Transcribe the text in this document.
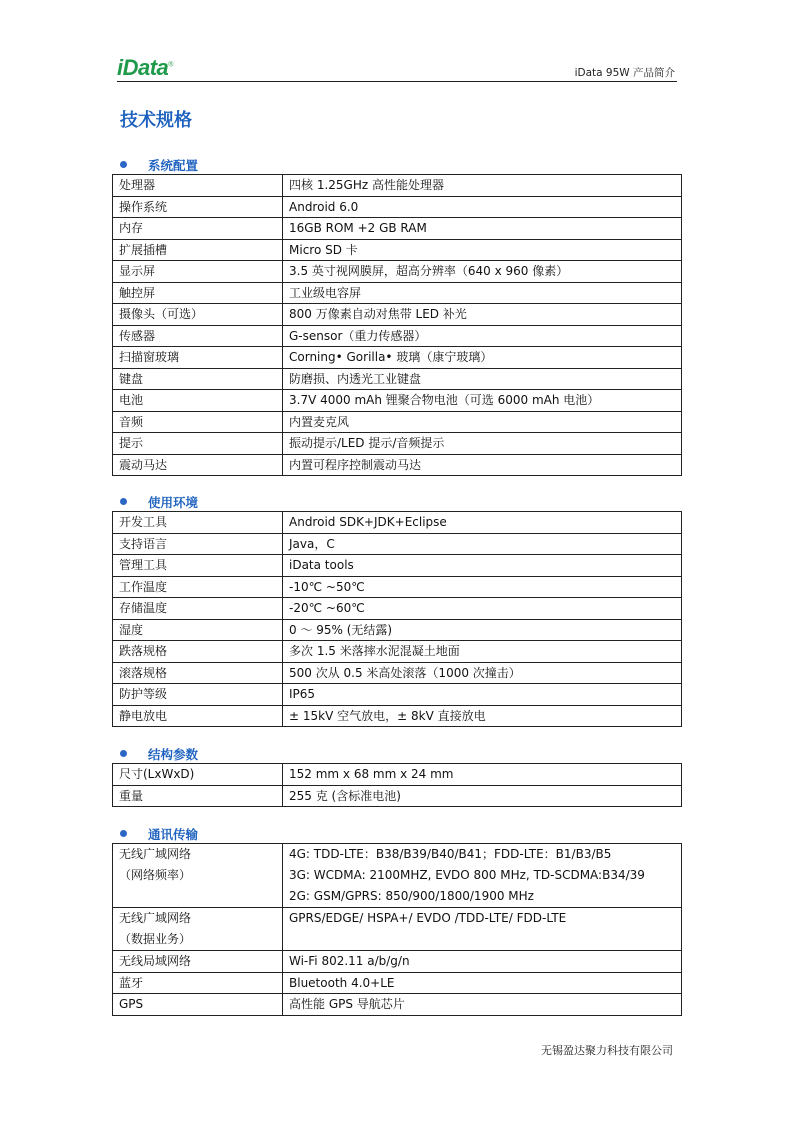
iData®
iData 95W 产品简介
技术规格
系统配置
处理器	四核 1.25GHz 高性能处理器
操作系统	Android 6.0
内存	16GB ROM +2 GB RAM
扩展插槽	Micro SD 卡
显示屏	3.5 英寸视网膜屏，超高分辨率（640 x 960 像素）
触控屏	工业级电容屏
摄像头（可选）	800 万像素自动对焦带 LED 补光
传感器	G-sensor（重力传感器）
扫描窗玻璃	Corning• Gorilla• 玻璃（康宁玻璃）
键盘	防磨损、内透光工业键盘
电池	3.7V 4000 mAh 锂聚合物电池（可选 6000 mAh 电池）
音频	内置麦克风
提示	振动提示/LED 提示/音频提示
震动马达	内置可程序控制震动马达
使用环境
开发工具	Android SDK+JDK+Eclipse
支持语言	Java，C
管理工具	iData tools
工作温度	-10℃ ~50℃
存储温度	-20℃ ~60℃
湿度	0 ～ 95% (无结露)
跌落规格	多次 1.5 米落摔水泥混凝土地面
滚落规格	500 次从 0.5 米高处滚落（1000 次撞击）
防护等级	IP65
静电放电	± 15kV 空气放电，± 8kV 直接放电
结构参数
尺寸(LxWxD)	152 mm x 68 mm x 24 mm
重量	255 克 (含标准电池)
通讯传输
无线广域网络
（网络频率）	4G: TDD-LTE：B38/B39/B40/B41；FDD-LTE：B1/B3/B5
3G: WCDMA: 2100MHZ, EVDO 800 MHz, TD-SCDMA:B34/39
2G: GSM/GPRS: 850/900/1800/1900 MHz

无线广域网络
（数据业务）	GPRS/EDGE/ HSPA+/ EVDO /TDD-LTE/ FDD-LTE

无线局域网络	Wi-Fi 802.11 a/b/g/n
蓝牙	Bluetooth 4.0+LE
GPS	高性能 GPS 导航芯片
无锡盈达聚力科技有限公司
